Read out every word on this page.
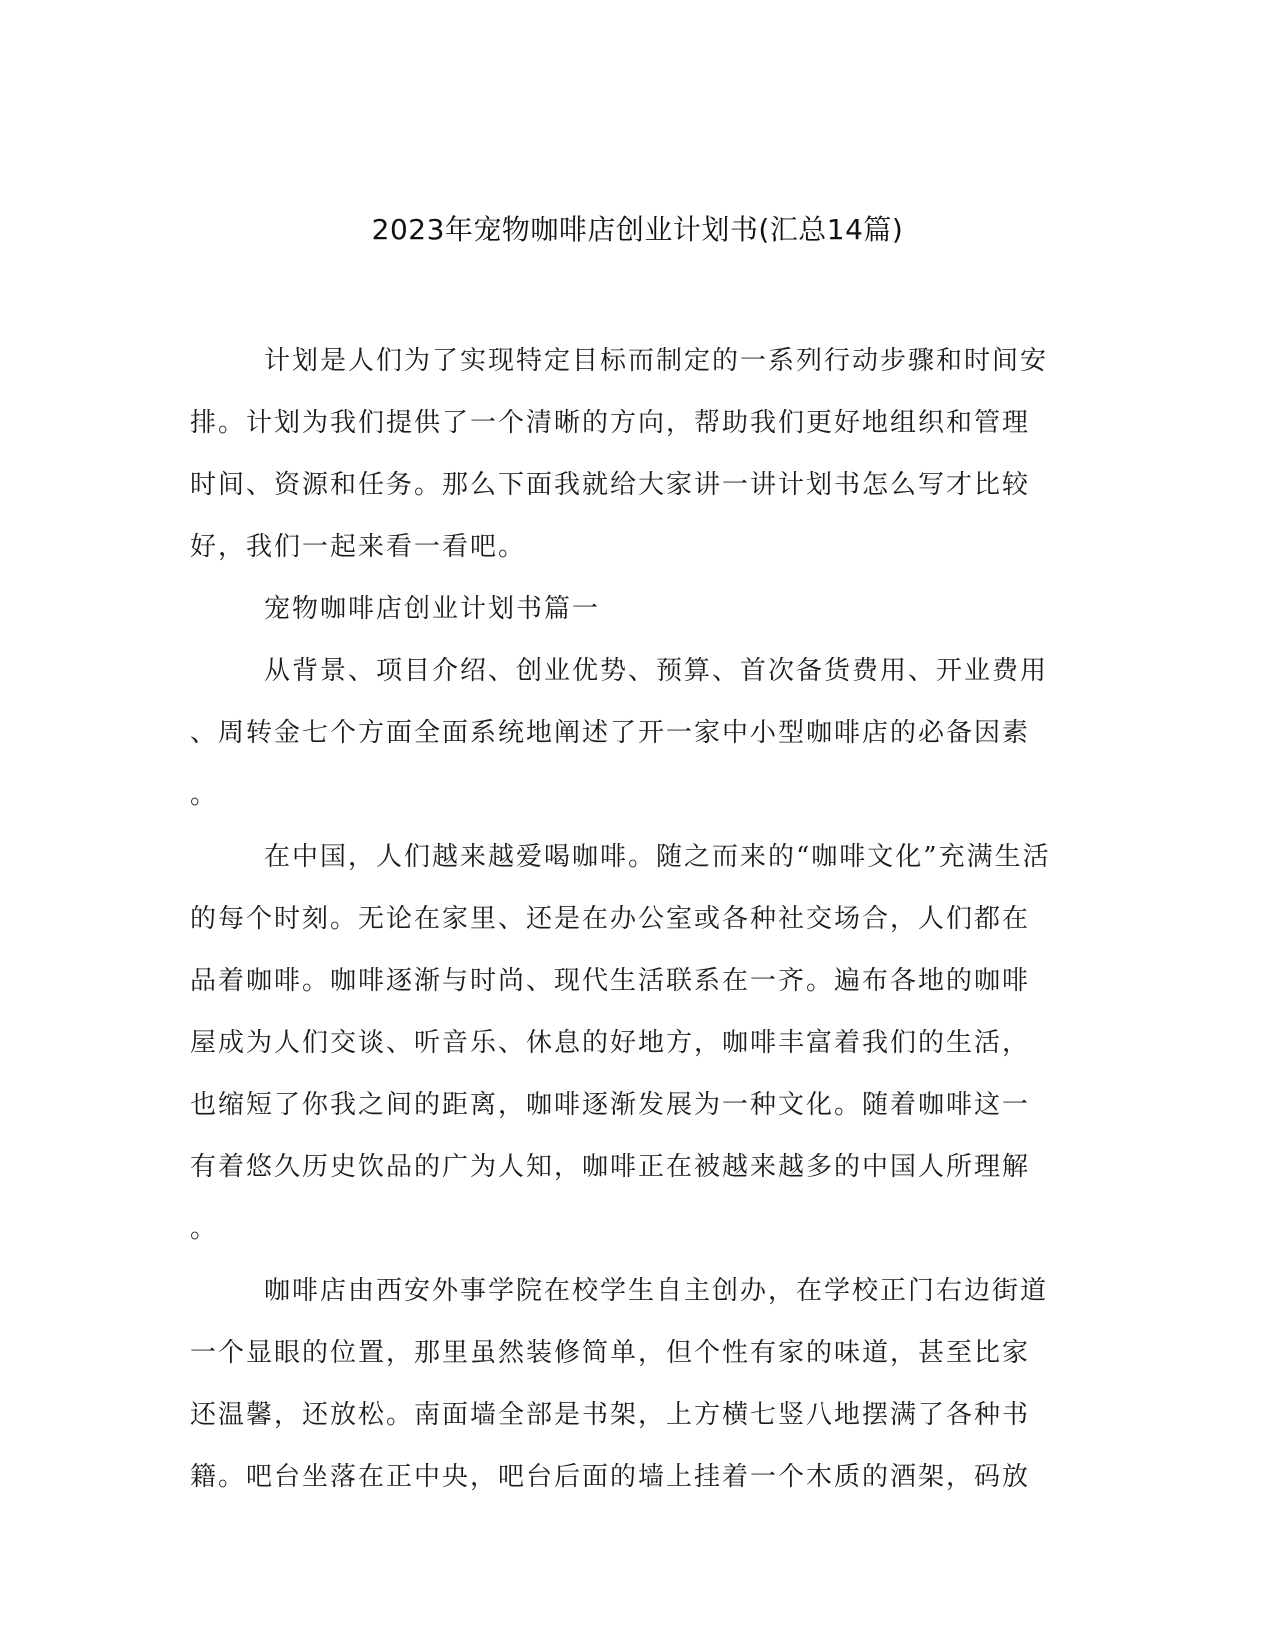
2023年宠物咖啡店创业计划书(汇总14篇)
计划是人们为了实现特定目标而制定的一系列行动步骤和时间安
排。计划为我们提供了一个清晰的方向，帮助我们更好地组织和管理
时间、资源和任务。那么下面我就给大家讲一讲计划书怎么写才比较
好，我们一起来看一看吧。
宠物咖啡店创业计划书篇一
从背景、项目介绍、创业优势、预算、首次备货费用、开业费用
、周转金七个方面全面系统地阐述了开一家中小型咖啡店的必备因素
。
在中国，人们越来越爱喝咖啡。随之而来的“咖啡文化”充满生活
的每个时刻。无论在家里、还是在办公室或各种社交场合，人们都在
品着咖啡。咖啡逐渐与时尚、现代生活联系在一齐。遍布各地的咖啡
屋成为人们交谈、听音乐、休息的好地方，咖啡丰富着我们的生活，
也缩短了你我之间的距离，咖啡逐渐发展为一种文化。随着咖啡这一
有着悠久历史饮品的广为人知，咖啡正在被越来越多的中国人所理解
。
咖啡店由西安外事学院在校学生自主创办，在学校正门右边街道
一个显眼的位置，那里虽然装修简单，但个性有家的味道，甚至比家
还温馨，还放松。南面墙全部是书架，上方横七竖八地摆满了各种书
籍。吧台坐落在正中央，吧台后面的墙上挂着一个木质的酒架，码放
